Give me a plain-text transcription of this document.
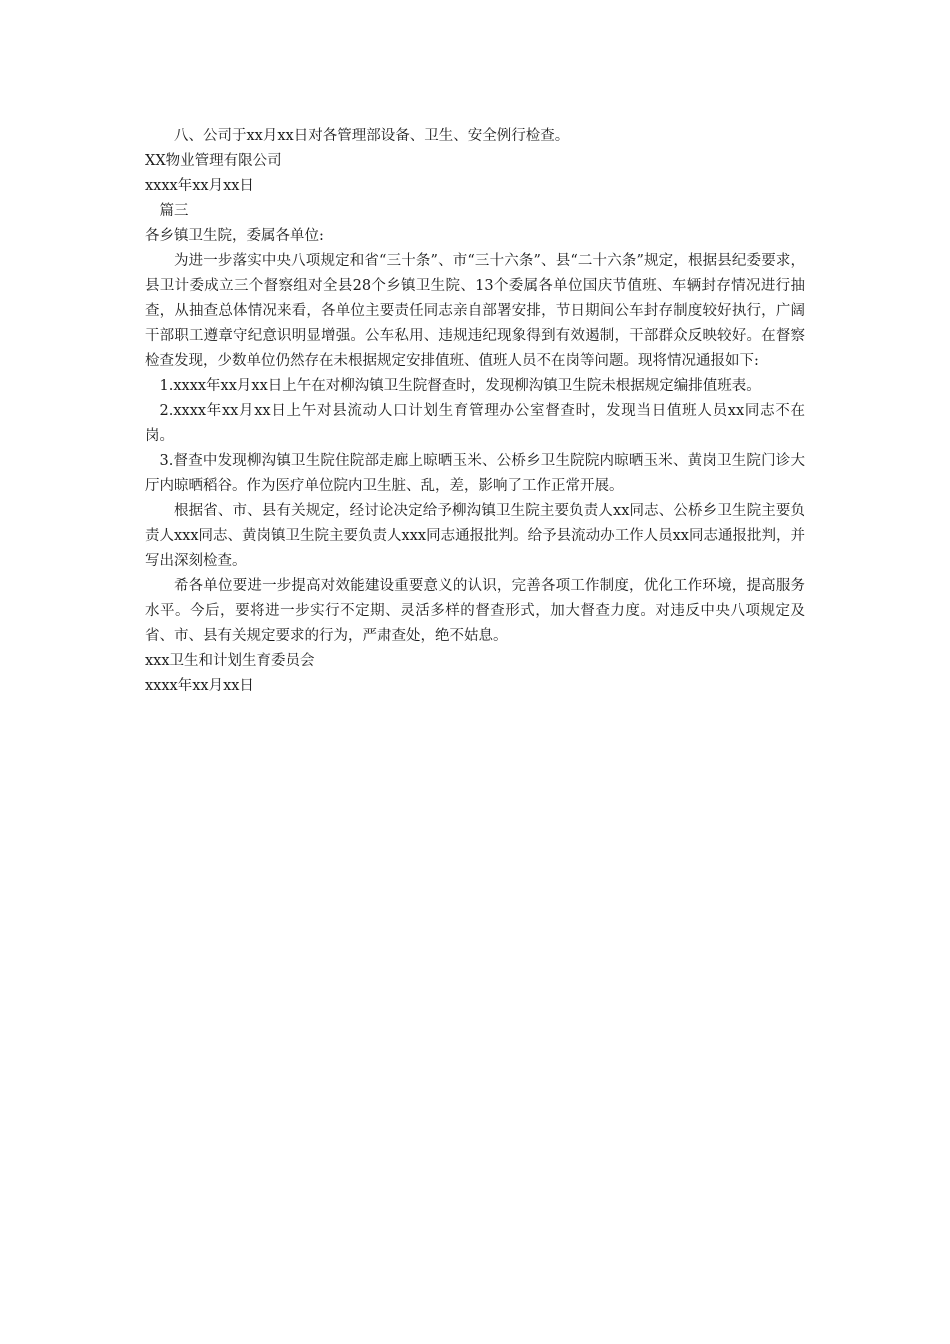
八、公司于xx月xx日对各管理部设备、卫生、安全例行检查。

XX物业管理有限公司

xxxx年xx月xx日

篇三

各乡镇卫生院，委属各单位:

为进一步落实中央八项规定和省“三十条”、市“三十六条”、县“二十六条”规定，根据县纪委要求，县卫计委成立三个督察组对全县28个乡镇卫生院、13个委属各单位国庆节值班、车辆封存情况进行抽查，从抽查总体情况来看，各单位主要责任同志亲自部署安排，节日期间公车封存制度较好执行，广阔干部职工遵章守纪意识明显增强。公车私用、违规违纪现象得到有效遏制，干部群众反映较好。在督察检查发现，少数单位仍然存在未根据规定安排值班、值班人员不在岗等问题。现将情况通报如下:

1.xxxx年xx月xx日上午在对柳沟镇卫生院督查时，发现柳沟镇卫生院未根据规定编排值班表。

2.xxxx年xx月xx日上午对县流动人口计划生育管理办公室督查时，发现当日值班人员xx同志不在岗。

3.督查中发现柳沟镇卫生院住院部走廊上晾晒玉米、公桥乡卫生院院内晾晒玉米、黄岗卫生院门诊大厅内晾晒稻谷。作为医疗单位院内卫生脏、乱，差，影响了工作正常开展。

根据省、市、县有关规定，经讨论决定给予柳沟镇卫生院主要负责人xx同志、公桥乡卫生院主要负责人xxx同志、黄岗镇卫生院主要负责人xxx同志通报批判。给予县流动办工作人员xx同志通报批判，并写出深刻检查。

希各单位要进一步提高对效能建设重要意义的认识，完善各项工作制度，优化工作环境，提高服务水平。今后，要将进一步实行不定期、灵活多样的督查形式，加大督查力度。对违反中央八项规定及省、市、县有关规定要求的行为，严肃查处，绝不姑息。

xxx卫生和计划生育委员会

xxxx年xx月xx日
